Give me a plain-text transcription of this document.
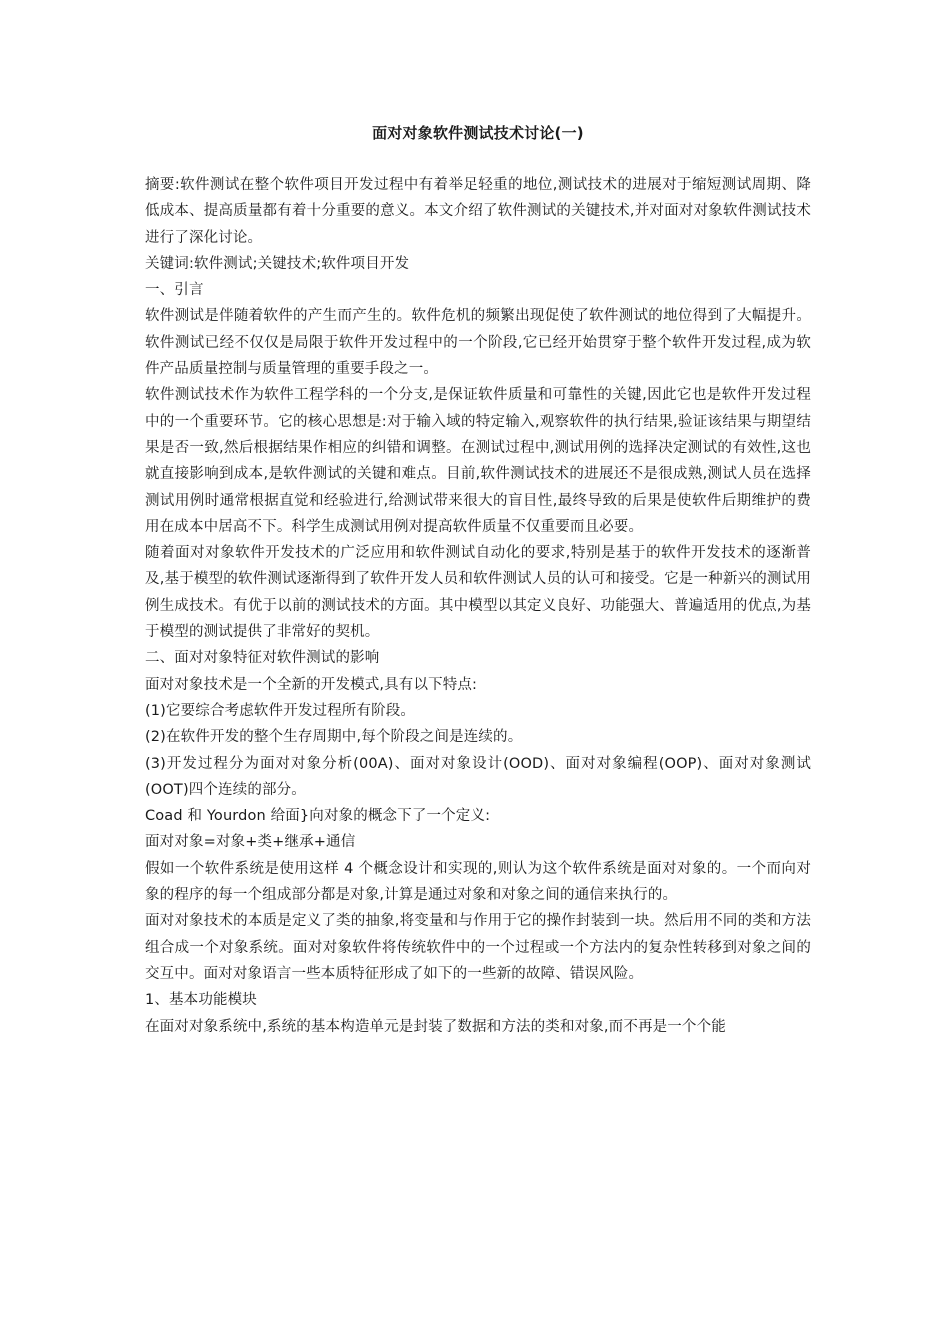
面对对象软件测试技术讨论(一)

摘要:软件测试在整个软件项目开发过程中有着举足轻重的地位,测试技术的进展对于缩短测试周期、降低成本、提高质量都有着十分重要的意义。本文介绍了软件测试的关键技术,并对面对对象软件测试技术进行了深化讨论。

关键词:软件测试;关键技术;软件项目开发

一、引言

软件测试是伴随着软件的产生而产生的。软件危机的频繁出现促使了软件测试的地位得到了大幅提升。软件测试已经不仅仅是局限于软件开发过程中的一个阶段,它已经开始贯穿于整个软件开发过程,成为软件产品质量控制与质量管理的重要手段之一。

软件测试技术作为软件工程学科的一个分支,是保证软件质量和可靠性的关键,因此它也是软件开发过程中的一个重要环节。它的核心思想是:对于输入域的特定输入,观察软件的执行结果,验证该结果与期望结果是否一致,然后根据结果作相应的纠错和调整。在测试过程中,测试用例的选择决定测试的有效性,这也就直接影响到成本,是软件测试的关键和难点。目前,软件测试技术的进展还不是很成熟,测试人员在选择测试用例时通常根据直觉和经验进行,给测试带来很大的盲目性,最终导致的后果是使软件后期维护的费用在成本中居高不下。科学生成测试用例对提高软件质量不仅重要而且必要。

随着面对对象软件开发技术的广泛应用和软件测试自动化的要求,特别是基于的软件开发技术的逐渐普及,基于模型的软件测试逐渐得到了软件开发人员和软件测试人员的认可和接受。它是一种新兴的测试用例生成技术。有优于以前的测试技术的方面。其中模型以其定义良好、功能强大、普遍适用的优点,为基于模型的测试提供了非常好的契机。

二、面对对象特征对软件测试的影响

面对对象技术是一个全新的开发模式,具有以下特点:

(1)它要综合考虑软件开发过程所有阶段。

(2)在软件开发的整个生存周期中,每个阶段之间是连续的。

(3)开发过程分为面对对象分析(00A)、面对对象设计(OOD)、面对对象编程(OOP)、面对对象测试(OOT)四个连续的部分。

Coad 和 Yourdon 给面}向对象的概念下了一个定义:

面对对象=对象+类+继承+通信

假如一个软件系统是使用这样 4 个概念设计和实现的,则认为这个软件系统是面对对象的。一个而向对象的程序的每一个组成部分都是对象,计算是通过对象和对象之间的通信来执行的。

面对对象技术的本质是定义了类的抽象,将变量和与作用于它的操作封装到一块。然后用不同的类和方法组合成一个对象系统。面对对象软件将传统软件中的一个过程或一个方法内的复杂性转移到对象之间的交互中。面对对象语言一些本质特征形成了如下的一些新的故障、错误风险。

1、基本功能模块

在面对对象系统中,系统的基本构造单元是封装了数据和方法的类和对象,而不再是一个个能
